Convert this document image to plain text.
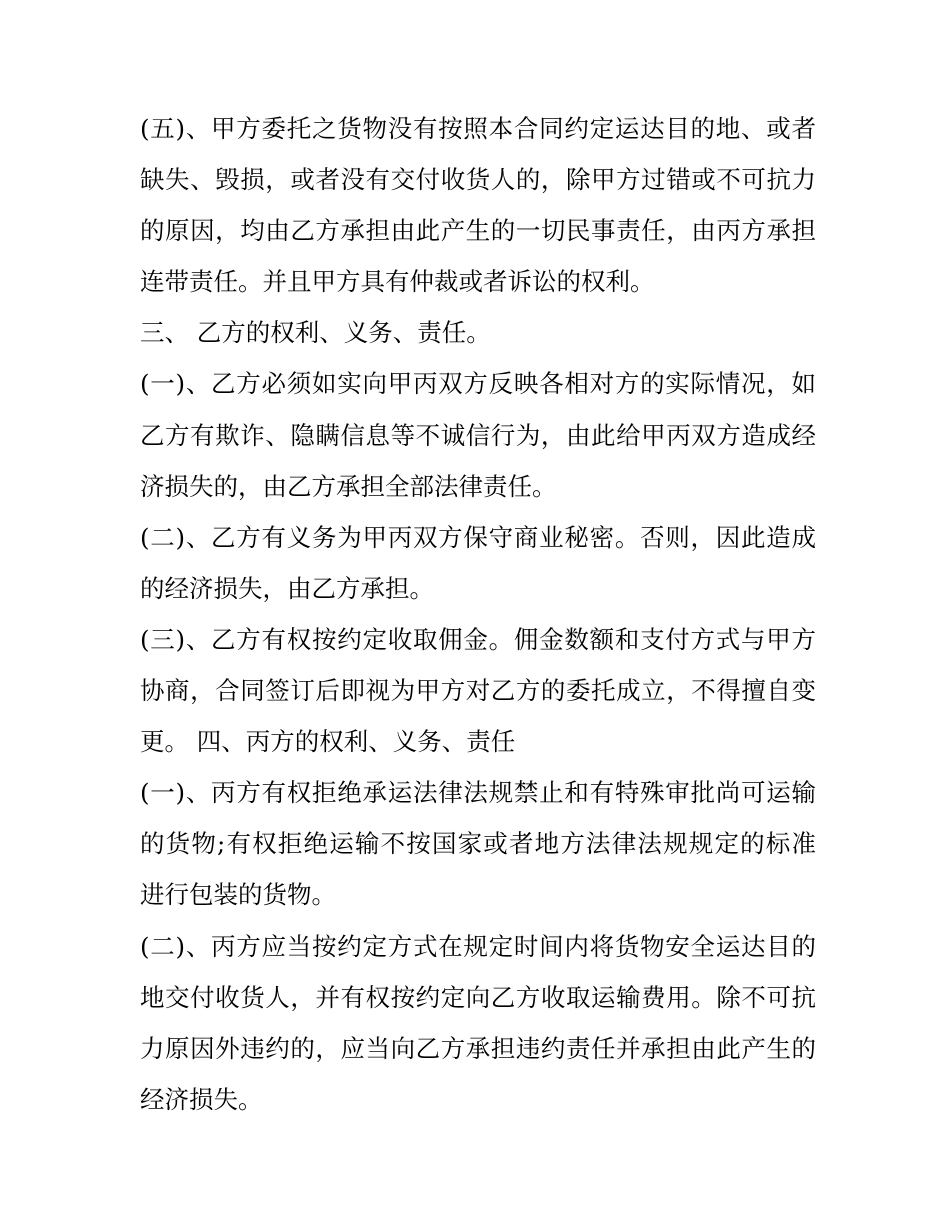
(五)、甲方委托之货物没有按照本合同约定运达目的地、或者
缺失、毁损，或者没有交付收货人的，除甲方过错或不可抗力
的原因，均由乙方承担由此产生的一切民事责任，由丙方承担
连带责任。并且甲方具有仲裁或者诉讼的权利。
三、 乙方的权利、义务、责任。
(一)、乙方必须如实向甲丙双方反映各相对方的实际情况，如
乙方有欺诈、隐瞒信息等不诚信行为，由此给甲丙双方造成经
济损失的，由乙方承担全部法律责任。
(二)、乙方有义务为甲丙双方保守商业秘密。否则，因此造成
的经济损失，由乙方承担。
(三)、乙方有权按约定收取佣金。佣金数额和支付方式与甲方
协商，合同签订后即视为甲方对乙方的委托成立，不得擅自变
更。 四、丙方的权利、义务、责任
(一)、丙方有权拒绝承运法律法规禁止和有特殊审批尚可运输
的货物;有权拒绝运输不按国家或者地方法律法规规定的标准
进行包装的货物。
(二)、丙方应当按约定方式在规定时间内将货物安全运达目的
地交付收货人，并有权按约定向乙方收取运输费用。除不可抗
力原因外违约的，应当向乙方承担违约责任并承担由此产生的
经济损失。
